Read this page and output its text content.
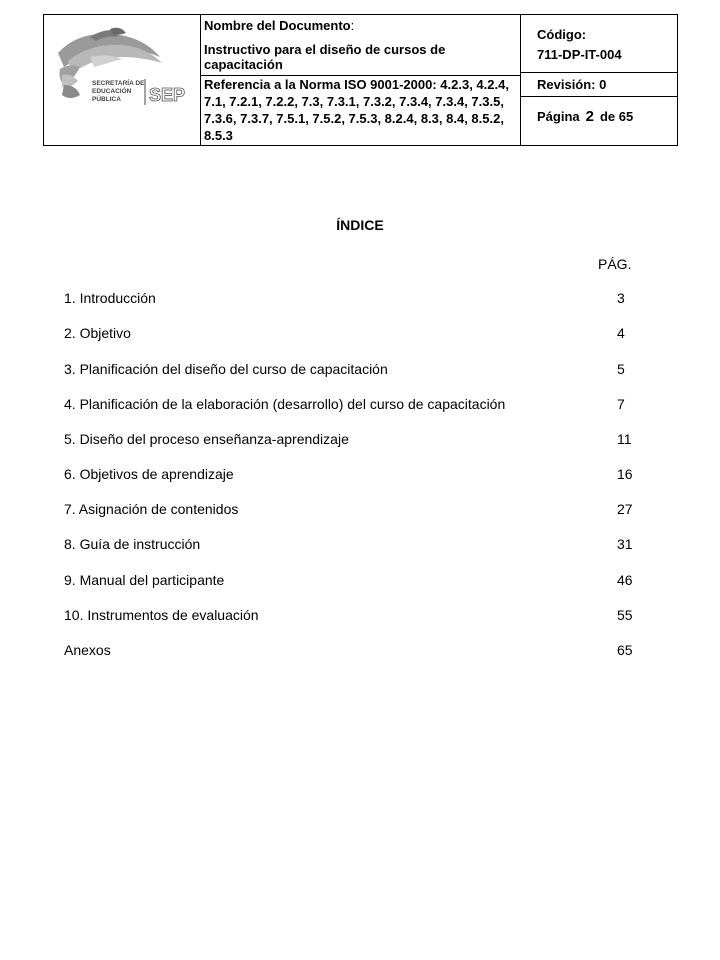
SECRETARÍA DE
EDUCACIÓN
PÚBLICA SEP
Nombre del Documento:
Instructivo para el diseño de cursos de capacitación
Referencia a la Norma ISO 9001-2000: 4.2.3, 4.2.4, 7.1, 7.2.1, 7.2.2, 7.3, 7.3.1, 7.3.2, 7.3.4, 7.3.4, 7.3.5, 7.3.6, 7.3.7, 7.5.1, 7.5.2, 7.5.3, 8.2.4, 8.3, 8.4, 8.5.2, 8.5.3
Código:
711-DP-IT-004
Revisión: 0
Página 2 de 65
ÍNDICE
PÁG.
1. Introducción	3
2. Objetivo	4
3. Planificación del diseño del curso de capacitación	5
4. Planificación de la elaboración (desarrollo) del curso de capacitación	7
5. Diseño del proceso enseñanza-aprendizaje	11
6. Objetivos de aprendizaje	16
7. Asignación de contenidos	27
8. Guía de instrucción	31
9. Manual del participante	46
10. Instrumentos de evaluación	55
Anexos	65
